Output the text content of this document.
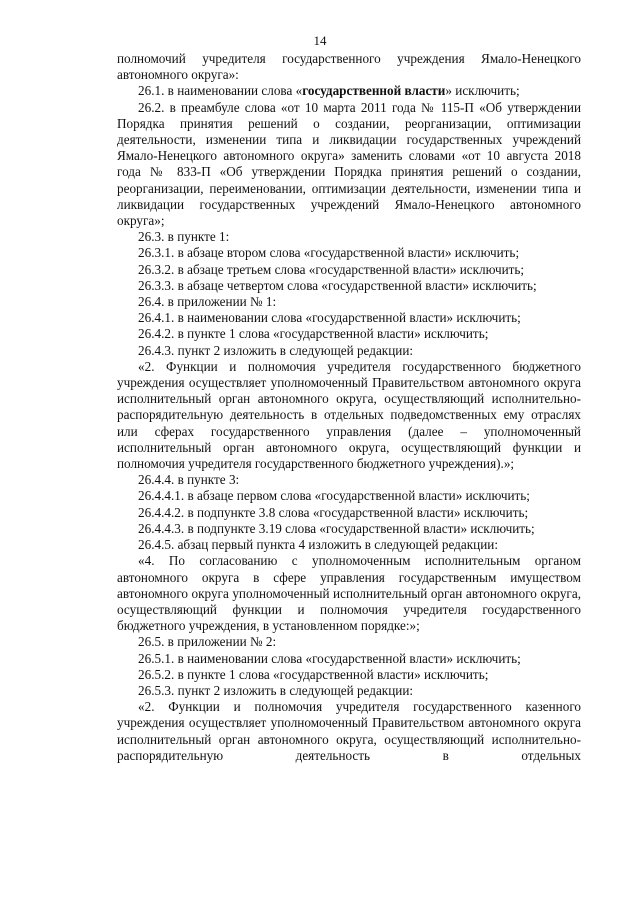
14

полномочий учредителя государственного учреждения Ямало-Ненецкого автономного округа»:

26.1. в наименовании слова «государственной власти» исключить;

26.2. в преамбуле слова «от 10 марта 2011 года № 115-П «Об утверждении Порядка принятия решений о создании, реорганизации, оптимизации деятельности, изменении типа и ликвидации государственных учреждений Ямало-Ненецкого автономного округа» заменить словами «от 10 августа 2018 года № 833-П «Об утверждении Порядка принятия решений о создании, реорганизации, переименовании, оптимизации деятельности, изменении типа и ликвидации государственных учреждений Ямало-Ненецкого автономного округа»;

26.3. в пункте 1:

26.3.1. в абзаце втором слова «государственной власти» исключить;

26.3.2. в абзаце третьем слова «государственной власти» исключить;

26.3.3. в абзаце четвертом слова «государственной власти» исключить;

26.4. в приложении № 1:

26.4.1. в наименовании слова «государственной власти» исключить;

26.4.2. в пункте 1 слова «государственной власти» исключить;

26.4.3. пункт 2 изложить в следующей редакции:

«2. Функции и полномочия учредителя государственного бюджетного учреждения осуществляет уполномоченный Правительством автономного округа исполнительный орган автономного округа, осуществляющий исполнительно-распорядительную деятельность в отдельных подведомственных ему отраслях или сферах государственного управления (далее – уполномоченный исполнительный орган автономного округа, осуществляющий функции и полномочия учредителя государственного бюджетного учреждения).»;

26.4.4. в пункте 3:

26.4.4.1. в абзаце первом слова «государственной власти» исключить;

26.4.4.2. в подпункте 3.8 слова «государственной власти» исключить;

26.4.4.3. в подпункте 3.19 слова «государственной власти» исключить;

26.4.5. абзац первый пункта 4 изложить в следующей редакции:

«4. По согласованию с уполномоченным исполнительным органом автономного округа в сфере управления государственным имуществом автономного округа уполномоченный исполнительный орган автономного округа, осуществляющий функции и полномочия учредителя государственного бюджетного учреждения, в установленном порядке:»;

26.5. в приложении № 2:

26.5.1. в наименовании слова «государственной власти» исключить;

26.5.2. в пункте 1 слова «государственной власти» исключить;

26.5.3. пункт 2 изложить в следующей редакции:

«2. Функции и полномочия учредителя государственного казенного учреждения осуществляет уполномоченный Правительством автономного округа исполнительный орган автономного округа, осуществляющий исполнительно-распорядительную деятельность в отдельных
